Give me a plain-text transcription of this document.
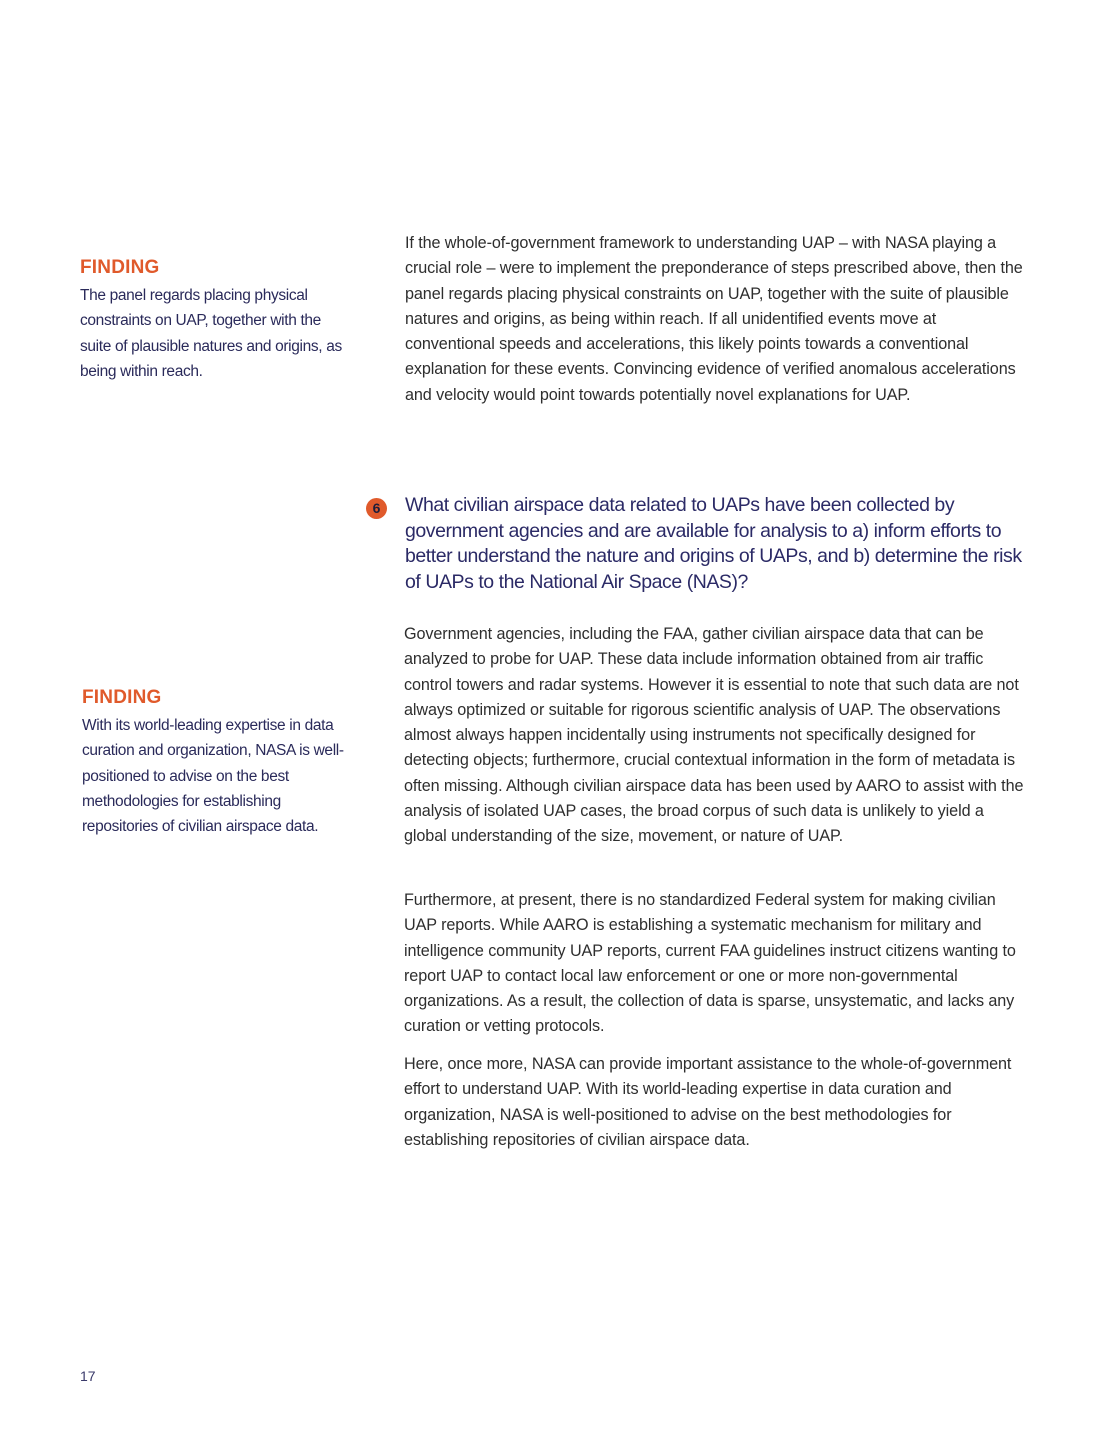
FINDING

The panel regards placing physical constraints on UAP, together with the suite of plausible natures and origins, as being within reach.

If the whole-of-government framework to understanding UAP – with NASA playing a crucial role – were to implement the preponderance of steps prescribed above, then the panel regards placing physical constraints on UAP, together with the suite of plausible natures and origins, as being within reach. If all unidentified events move at conventional speeds and accelerations, this likely points towards a conventional explanation for these events. Convincing evidence of verified anomalous accelerations and velocity would point towards potentially novel explanations for UAP.

6	What civilian airspace data related to UAPs have been collected by government agencies and are available for analysis to a) inform efforts to better understand the nature and origins of UAPs, and b) determine the risk of UAPs to the National Air Space (NAS)?

FINDING

With its world-leading expertise in data curation and organization, NASA is well-positioned to advise on the best methodologies for establishing repositories of civilian airspace data.

Government agencies, including the FAA, gather civilian airspace data that can be analyzed to probe for UAP. These data include information obtained from air traffic control towers and radar systems. However it is essential to note that such data are not always optimized or suitable for rigorous scientific analysis of UAP. The observations almost always happen incidentally using instruments not specifically designed for detecting objects; furthermore, crucial contextual information in the form of metadata is often missing. Although civilian airspace data has been used by AARO to assist with the analysis of isolated UAP cases, the broad corpus of such data is unlikely to yield a global understanding of the size, movement, or nature of UAP.

Furthermore, at present, there is no standardized Federal system for making civilian UAP reports. While AARO is establishing a systematic mechanism for military and intelligence community UAP reports, current FAA guidelines instruct citizens wanting to report UAP to contact local law enforcement or one or more non-governmental organizations. As a result, the collection of data is sparse, unsystematic, and lacks any curation or vetting protocols.

Here, once more, NASA can provide important assistance to the whole-of-government effort to understand UAP. With its world-leading expertise in data curation and organization, NASA is well-positioned to advise on the best methodologies for establishing repositories of civilian airspace data.

17
